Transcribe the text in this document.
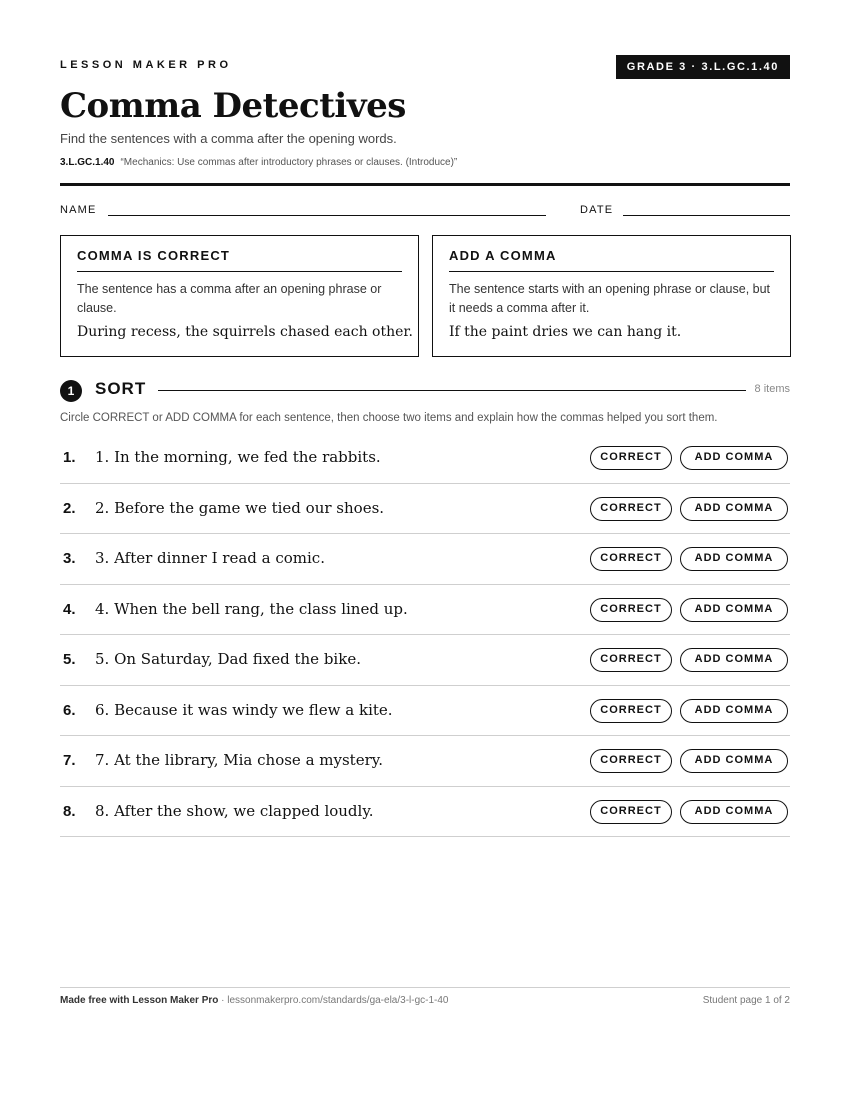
LESSON MAKER PRO	GRADE 3 · 3.L.GC.1.40
Comma Detectives
Find the sentences with a comma after the opening words.
3.L.GC.1.40 “Mechanics: Use commas after introductory phrases or clauses. (Introduce)”
NAME	DATE
COMMA IS CORRECT
The sentence has a comma after an opening phrase or clause.
During recess, the squirrels chased each other.
ADD A COMMA
The sentence starts with an opening phrase or clause, but it needs a comma after it.
If the paint dries we can hang it.
1	SORT	8 items
Circle CORRECT or ADD COMMA for each sentence, then choose two items and explain how the commas helped you sort them.
1. 1. In the morning, we fed the rabbits.	CORRECT	ADD COMMA
2. 2. Before the game we tied our shoes.	CORRECT	ADD COMMA
3. 3. After dinner I read a comic.	CORRECT	ADD COMMA
4. 4. When the bell rang, the class lined up.	CORRECT	ADD COMMA
5. 5. On Saturday, Dad fixed the bike.	CORRECT	ADD COMMA
6. 6. Because it was windy we flew a kite.	CORRECT	ADD COMMA
7. 7. At the library, Mia chose a mystery.	CORRECT	ADD COMMA
8. 8. After the show, we clapped loudly.	CORRECT	ADD COMMA
Made free with Lesson Maker Pro · lessonmakerpro.com/standards/ga-ela/3-l-gc-1-40	Student page 1 of 2
